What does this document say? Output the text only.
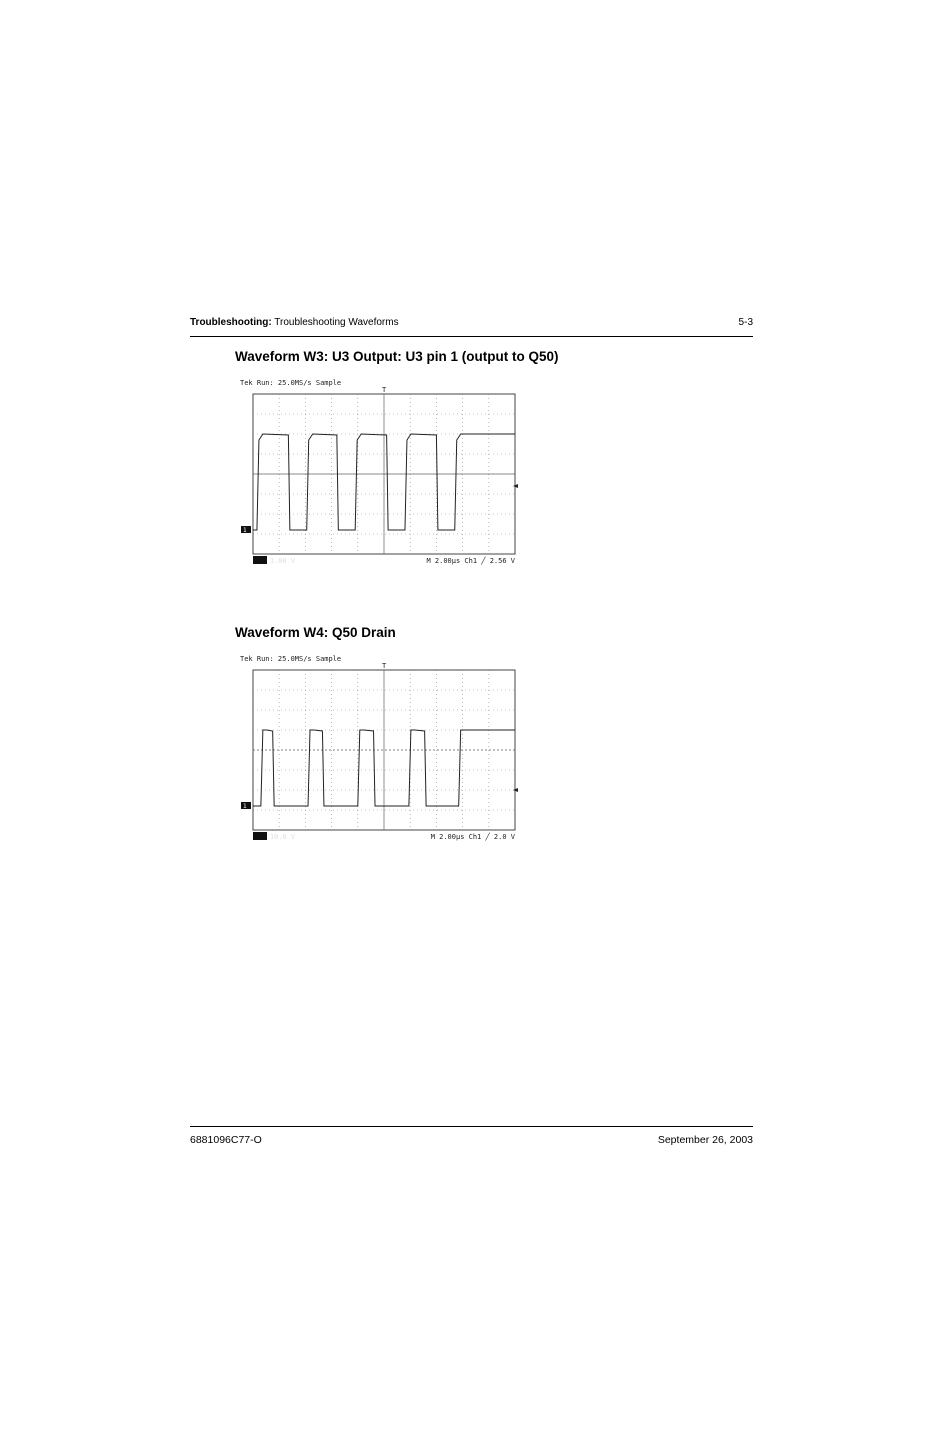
Troubleshooting: Troubleshooting Waveforms	5-3
Waveform W3: U3 Output: U3 pin 1 (output to Q50)
Tek Run: 25.0MS/s Sample
T
1
Ch1 1.00 V	M 2.00µs Ch1 ╱ 2.56 V
Waveform W4: Q50 Drain
Tek Run: 25.0MS/s Sample
T
1
Ch1 10.0 V	M 2.00µs Ch1 ╱ 2.0 V
6881096C77-O	September 26, 2003
